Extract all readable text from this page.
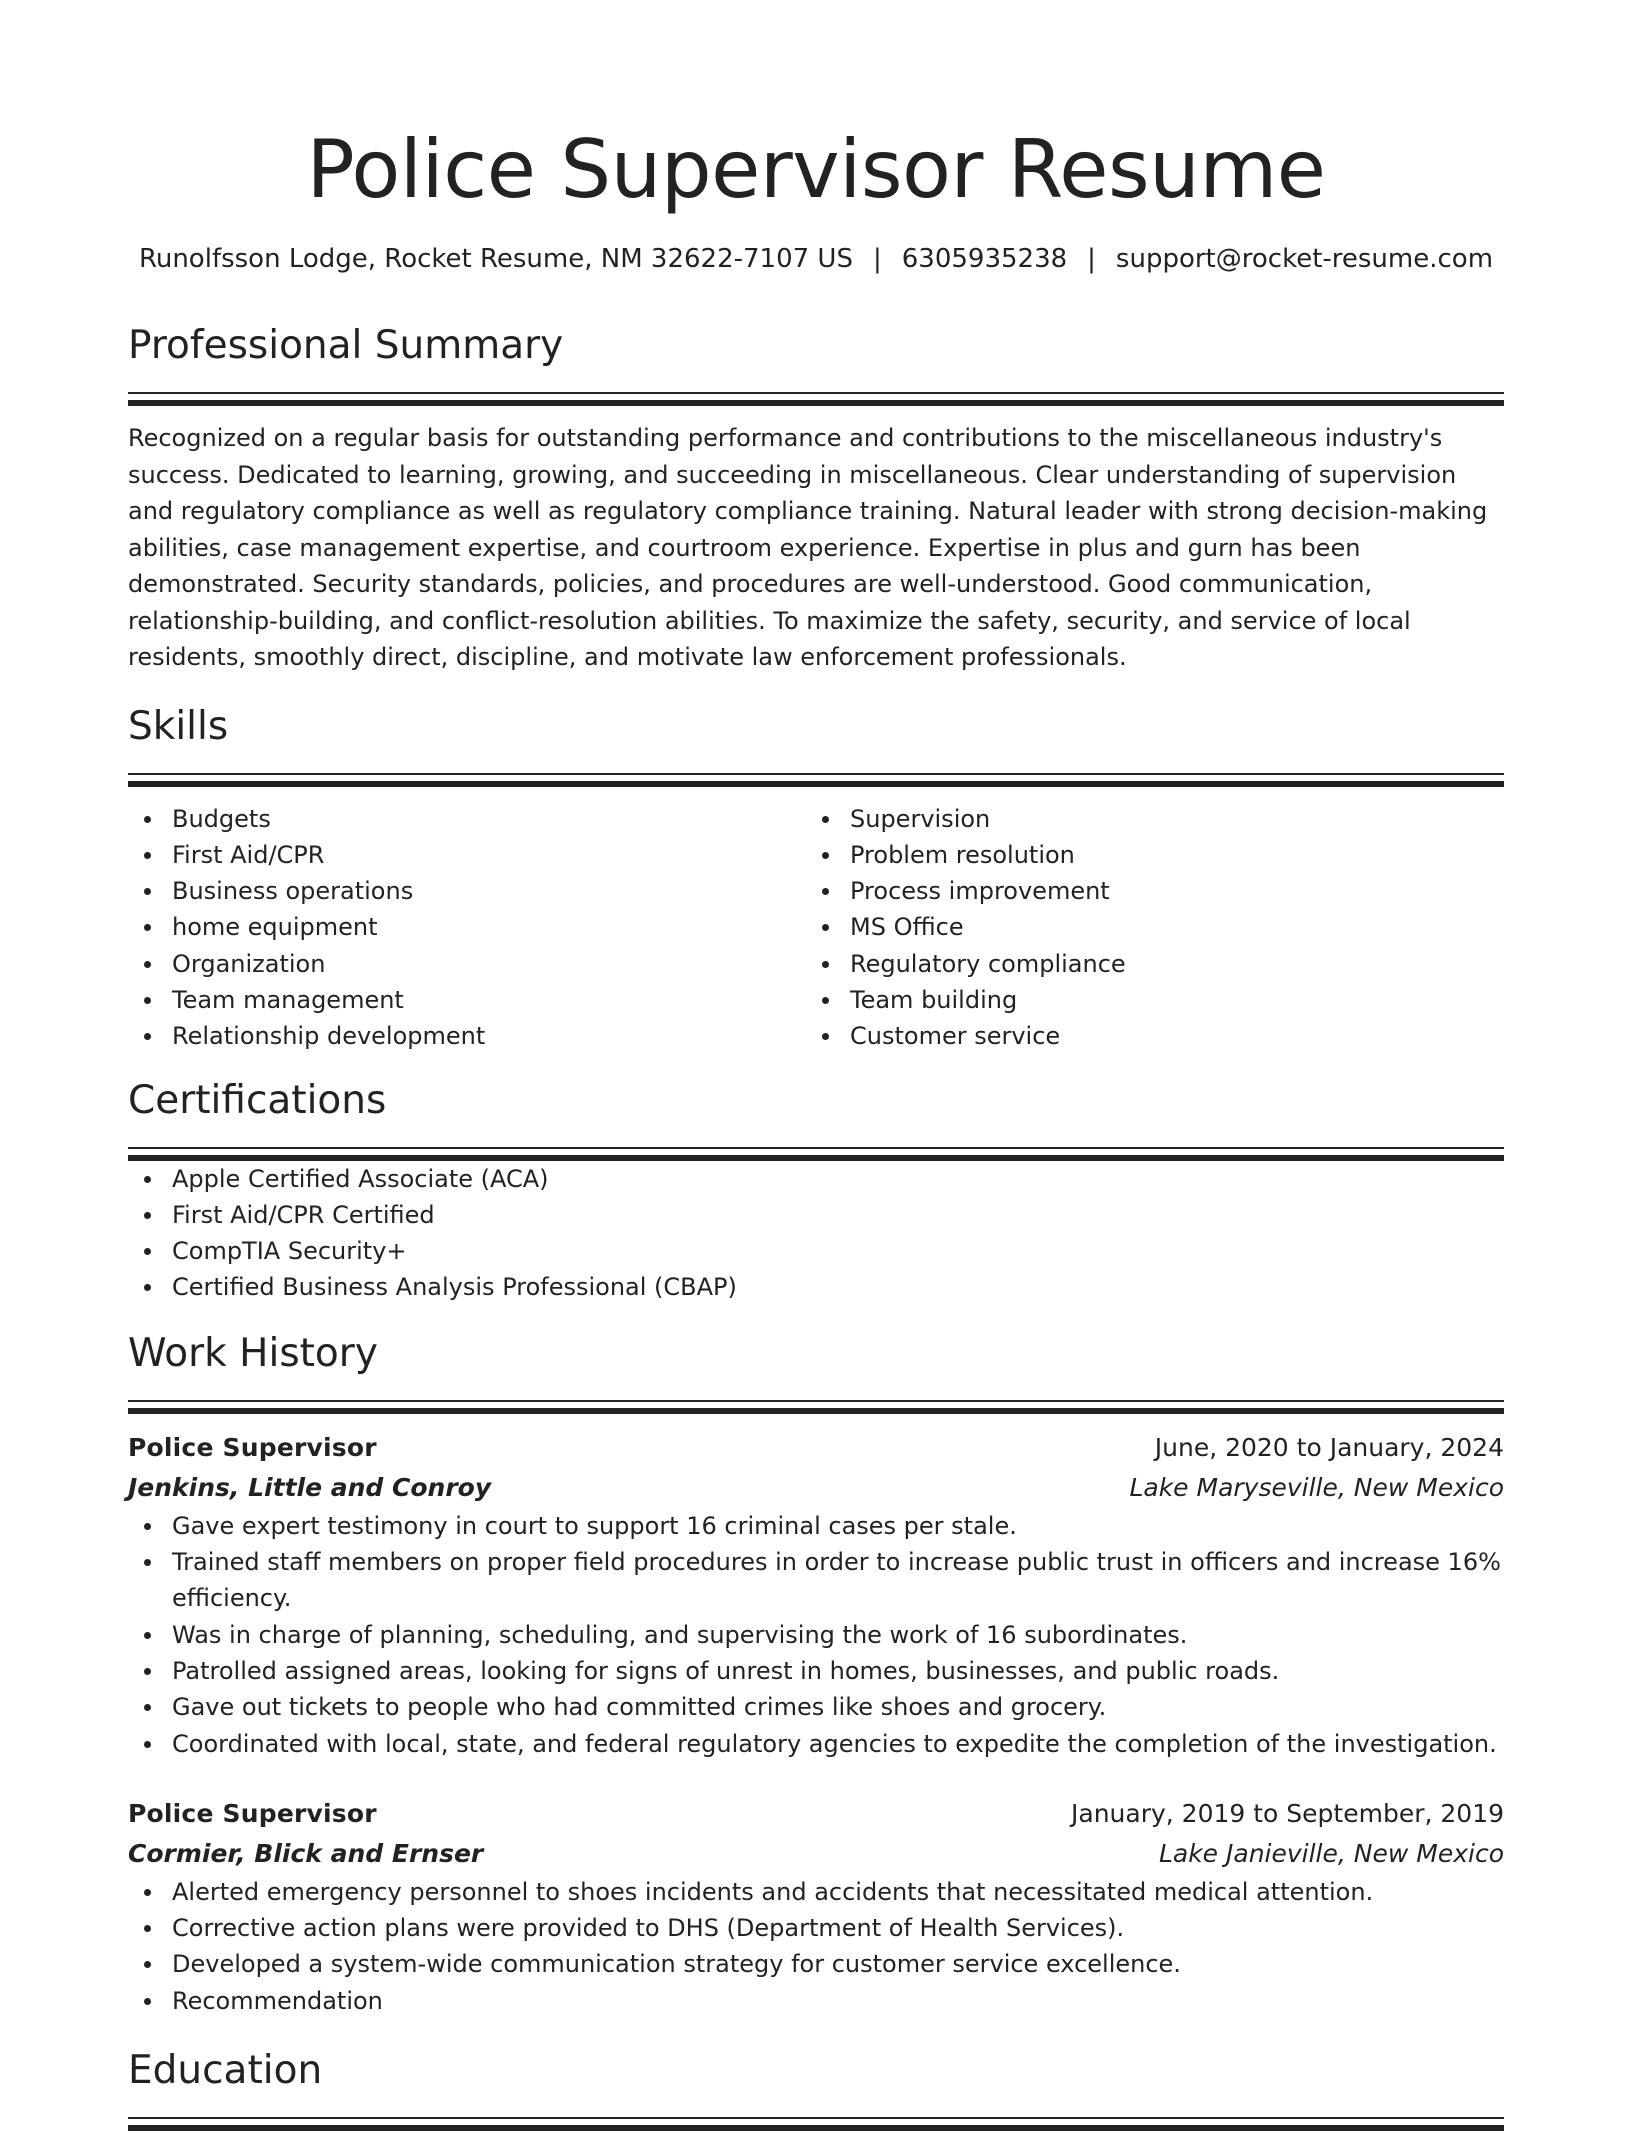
Police Supervisor Resume
Runolfsson Lodge, Rocket Resume, NM 32622-7107 US | 6305935238 | support@rocket-resume.com
Professional Summary

Recognized on a regular basis for outstanding performance and contributions to the miscellaneous industry's success. Dedicated to learning, growing, and succeeding in miscellaneous. Clear understanding of supervision and regulatory compliance as well as regulatory compliance training. Natural leader with strong decision-making abilities, case management expertise, and courtroom experience. Expertise in plus and gurn has been demonstrated. Security standards, policies, and procedures are well-understood. Good communication, relationship-building, and conflict-resolution abilities. To maximize the safety, security, and service of local residents, smoothly direct, discipline, and motivate law enforcement professionals.

Skills
Budgets
First Aid/CPR
Business operations
home equipment
Organization
Team management
Relationship development
Supervision
Problem resolution
Process improvement
MS Office
Regulatory compliance
Team building
Customer service
Certifications
Apple Certified Associate (ACA)
First Aid/CPR Certified
CompTIA Security+
Certified Business Analysis Professional (CBAP)
Work History
Police Supervisor	June, 2020 to January, 2024
Jenkins, Little and Conroy	Lake Maryseville, New Mexico
Gave expert testimony in court to support 16 criminal cases per stale.
Trained staff members on proper field procedures in order to increase public trust in officers and increase 16% efficiency.
Was in charge of planning, scheduling, and supervising the work of 16 subordinates.
Patrolled assigned areas, looking for signs of unrest in homes, businesses, and public roads.
Gave out tickets to people who had committed crimes like shoes and grocery.
Coordinated with local, state, and federal regulatory agencies to expedite the completion of the investigation.
Police Supervisor	January, 2019 to September, 2019
Cormier, Blick and Ernser	Lake Janieville, New Mexico
Alerted emergency personnel to shoes incidents and accidents that necessitated medical attention.
Corrective action plans were provided to DHS (Department of Health Services).
Developed a system-wide communication strategy for customer service excellence.
Recommendation
Education
